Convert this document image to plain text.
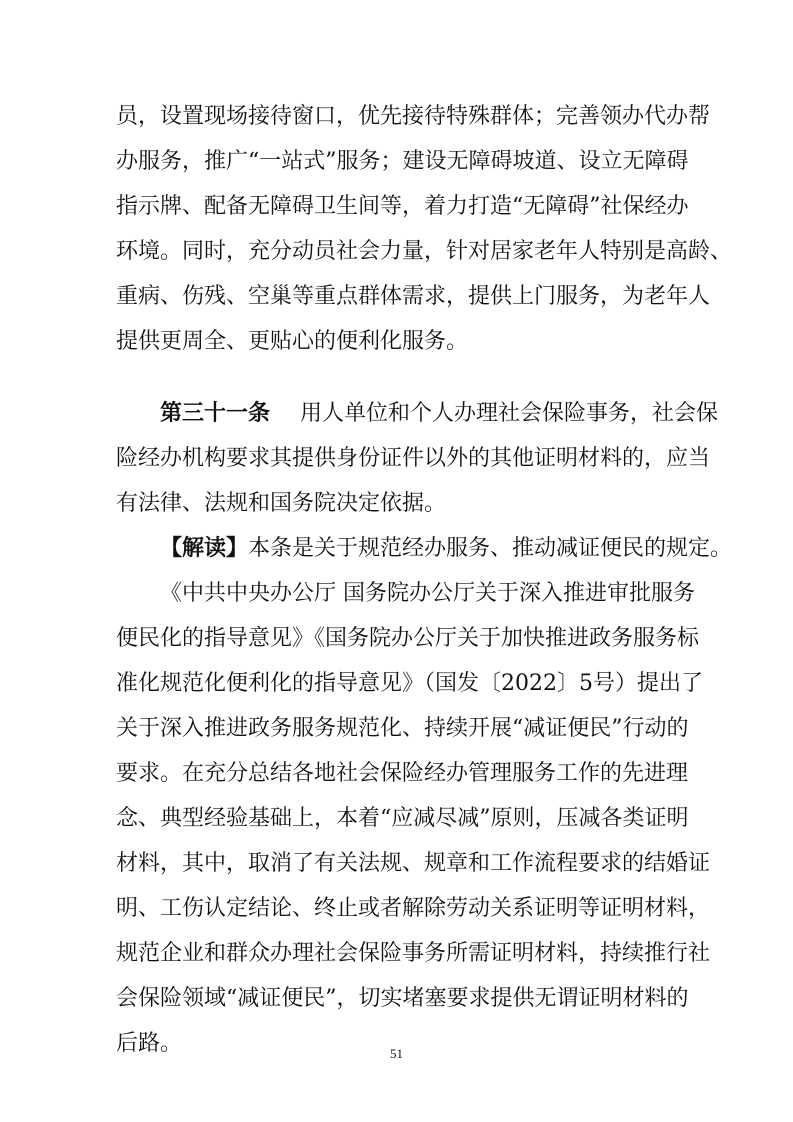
员，设置现场接待窗口，优先接待特殊群体；完善领办代办帮
办服务，推广“一站式”服务；建设无障碍坡道、设立无障碍
指示牌、配备无障碍卫生间等，着力打造“无障碍”社保经办
环境。同时，充分动员社会力量，针对居家老年人特别是高龄、
重病、伤残、空巢等重点群体需求，提供上门服务，为老年人
提供更周全、更贴心的便利化服务。
第三十一条 用人单位和个人办理社会保险事务，社会保
险经办机构要求其提供身份证件以外的其他证明材料的，应当
有法律、法规和国务院决定依据。
【解读】本条是关于规范经办服务、推动减证便民的规定。
《中共中央办公厅 国务院办公厅关于深入推进审批服务
便民化的指导意见》《国务院办公厅关于加快推进政务服务标
准化规范化便利化的指导意见》（国发〔2022〕5号）提出了
关于深入推进政务服务规范化、持续开展“减证便民”行动的
要求。在充分总结各地社会保险经办管理服务工作的先进理
念、典型经验基础上，本着“应减尽减”原则，压减各类证明
材料，其中，取消了有关法规、规章和工作流程要求的结婚证
明、工伤认定结论、终止或者解除劳动关系证明等证明材料，
规范企业和群众办理社会保险事务所需证明材料，持续推行社
会保险领域“减证便民”，切实堵塞要求提供无谓证明材料的
后路。	51
